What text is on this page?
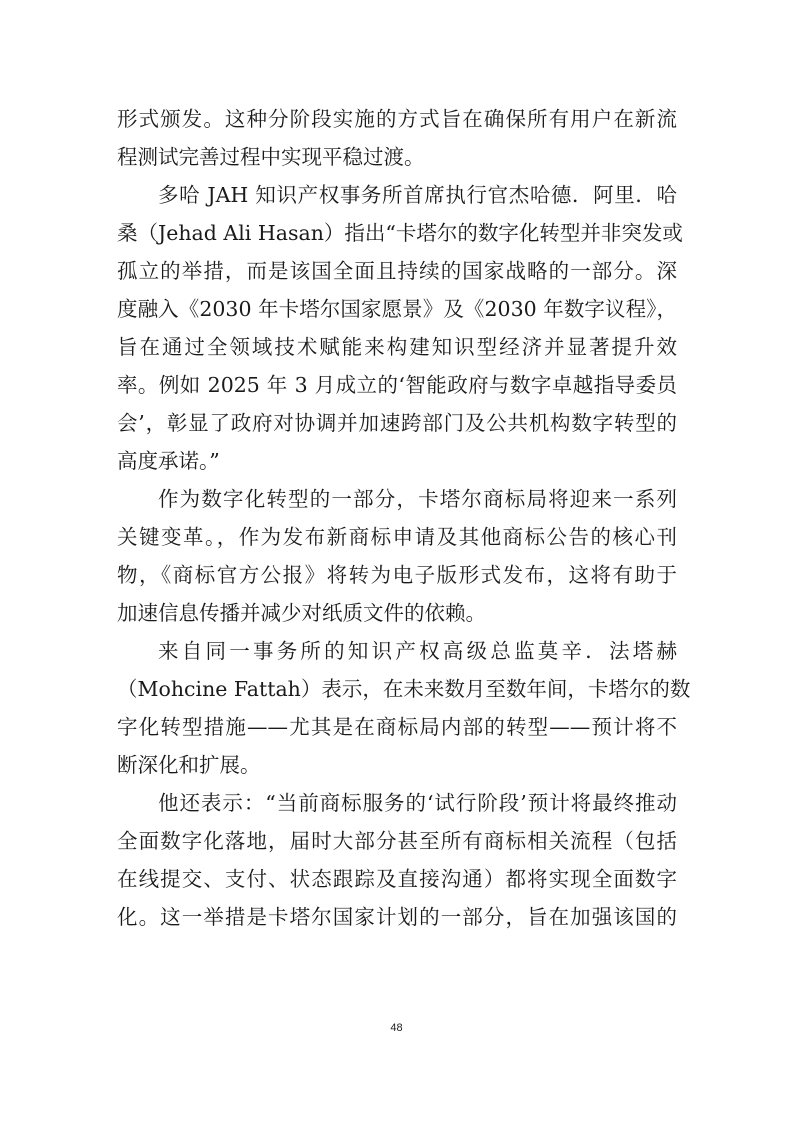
形式颁发。这种分阶段实施的方式旨在确保所有用户在新流
程测试完善过程中实现平稳过渡。
多哈 JAH 知识产权事务所首席执行官杰哈德．阿里．哈
桑（Jehad Ali Hasan）指出“卡塔尔的数字化转型并非突发或
孤立的举措，而是该国全面且持续的国家战略的一部分。深
度融入《2030 年卡塔尔国家愿景》及《2030 年数字议程》，
旨在通过全领域技术赋能来构建知识型经济并显著提升效
率。例如 2025 年 3 月成立的‘智能政府与数字卓越指导委员
会’，彰显了政府对协调并加速跨部门及公共机构数字转型的
高度承诺。”
作为数字化转型的一部分，卡塔尔商标局将迎来一系列
关键变革。，作为发布新商标申请及其他商标公告的核心刊
物，《商标官方公报》将转为电子版形式发布，这将有助于
加速信息传播并减少对纸质文件的依赖。
来自同一事务所的知识产权高级总监莫辛．法塔赫
（Mohcine Fattah）表示，在未来数月至数年间，卡塔尔的数
字化转型措施——尤其是在商标局内部的转型——预计将不
断深化和扩展。
他还表示：“当前商标服务的‘试行阶段’预计将最终推动
全面数字化落地，届时大部分甚至所有商标相关流程（包括
在线提交、支付、状态跟踪及直接沟通）都将实现全面数字
化。这一举措是卡塔尔国家计划的一部分，旨在加强该国的
48
